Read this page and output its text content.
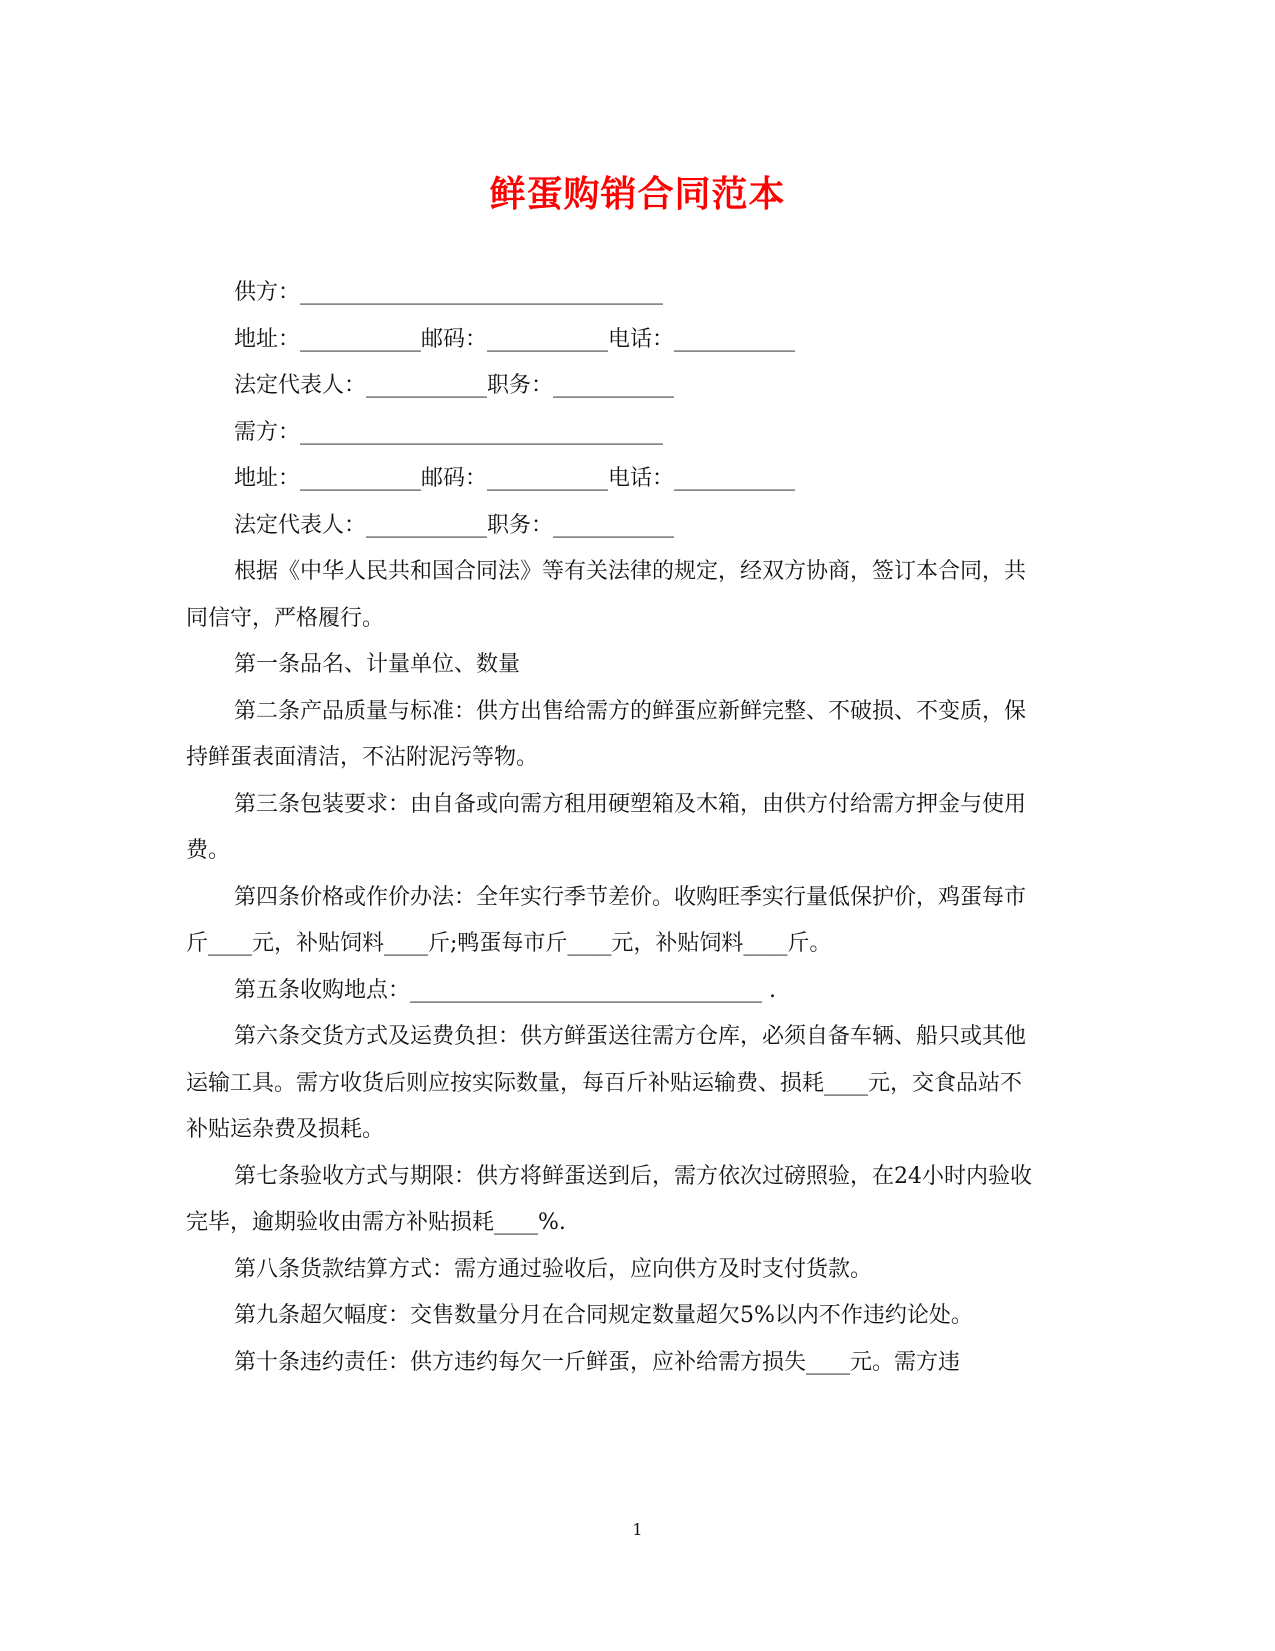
鲜蛋购销合同范本

供方：_________________________________

地址：___________邮码：___________电话：___________

法定代表人：___________职务：___________

需方：_________________________________

地址：___________邮码：___________电话：___________

法定代表人：___________职务：___________

根据《中华人民共和国合同法》等有关法律的规定，经双方协商，签订本合同，共同信守，严格履行。

第一条品名、计量单位、数量

第二条产品质量与标准：供方出售给需方的鲜蛋应新鲜完整、不破损、不变质，保持鲜蛋表面清洁，不沾附泥污等物。

第三条包装要求：由自备或向需方租用硬塑箱及木箱，由供方付给需方押金与使用费。

第四条价格或作价办法：全年实行季节差价。收购旺季实行量低保护价，鸡蛋每市斤____元，补贴饲料____斤;鸭蛋每市斤____元，补贴饲料____斤。

第五条收购地点：________________________________ .

第六条交货方式及运费负担：供方鲜蛋送往需方仓库，必须自备车辆、船只或其他运输工具。需方收货后则应按实际数量，每百斤补贴运输费、损耗____元，交食品站不补贴运杂费及损耗。

第七条验收方式与期限：供方将鲜蛋送到后，需方依次过磅照验，在24小时内验收完毕，逾期验收由需方补贴损耗____%.

第八条货款结算方式：需方通过验收后，应向供方及时支付货款。

第九条超欠幅度：交售数量分月在合同规定数量超欠5%以内不作违约论处。

第十条违约责任：供方违约每欠一斤鲜蛋，应补给需方损失____元。需方违

1
